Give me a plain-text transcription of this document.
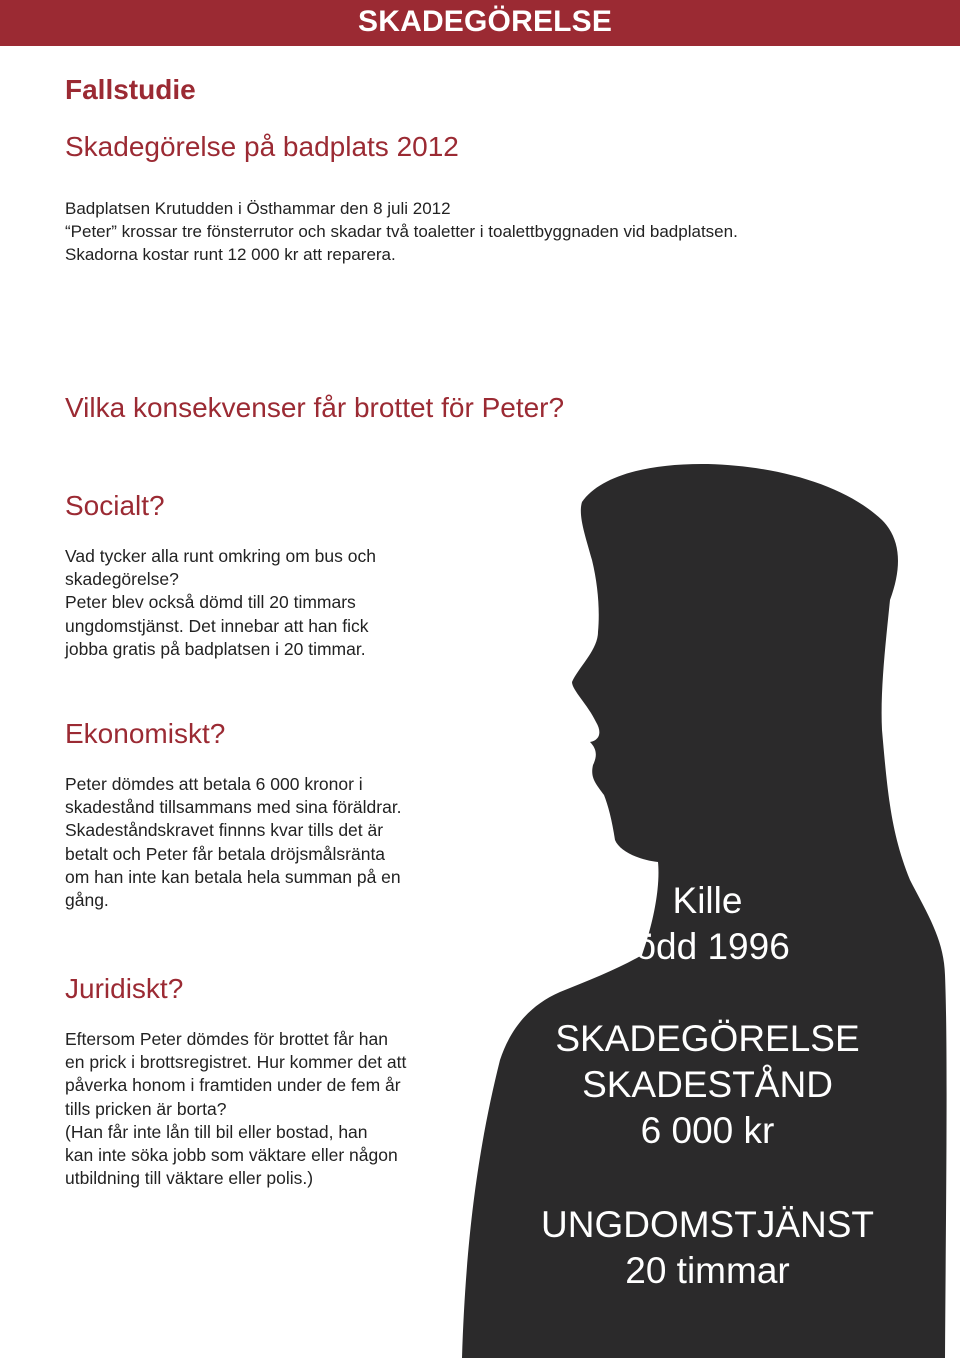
SKADEGÖRELSE
Fallstudie
Skadegörelse på badplats 2012
Badplatsen Krutudden i Östhammar den 8 juli 2012
“Peter” krossar tre fönsterrutor och skadar två toaletter i toalettbyggnaden vid badplatsen.
Skadorna kostar runt 12 000 kr att reparera.
Vilka konsekvenser får brottet för Peter?
Socialt?
Vad tycker alla runt omkring om bus och
skadegörelse?
Peter blev också dömd till 20 timmars
ungdomstjänst. Det innebar att han fick
jobba gratis på badplatsen i 20 timmar.
Ekonomiskt?
Peter dömdes att betala 6 000 kronor i
skadestånd tillsammans med sina föräldrar.
Skadeståndskravet finnns kvar tills det är
betalt och Peter får betala dröjsmålsränta
om han inte kan betala hela summan på en
gång.
Juridiskt?
Eftersom Peter dömdes för brottet får han
en prick i brottsregistret. Hur kommer det att
påverka honom i framtiden under de fem år
tills pricken är borta?
(Han får inte lån till bil eller bostad, han
kan inte söka jobb som väktare eller någon
utbildning till väktare eller polis.)
Kille
född 1996
SKADEGÖRELSE
SKADESTÅND
6 000 kr
UNGDOMSTJÄNST
20 timmar
